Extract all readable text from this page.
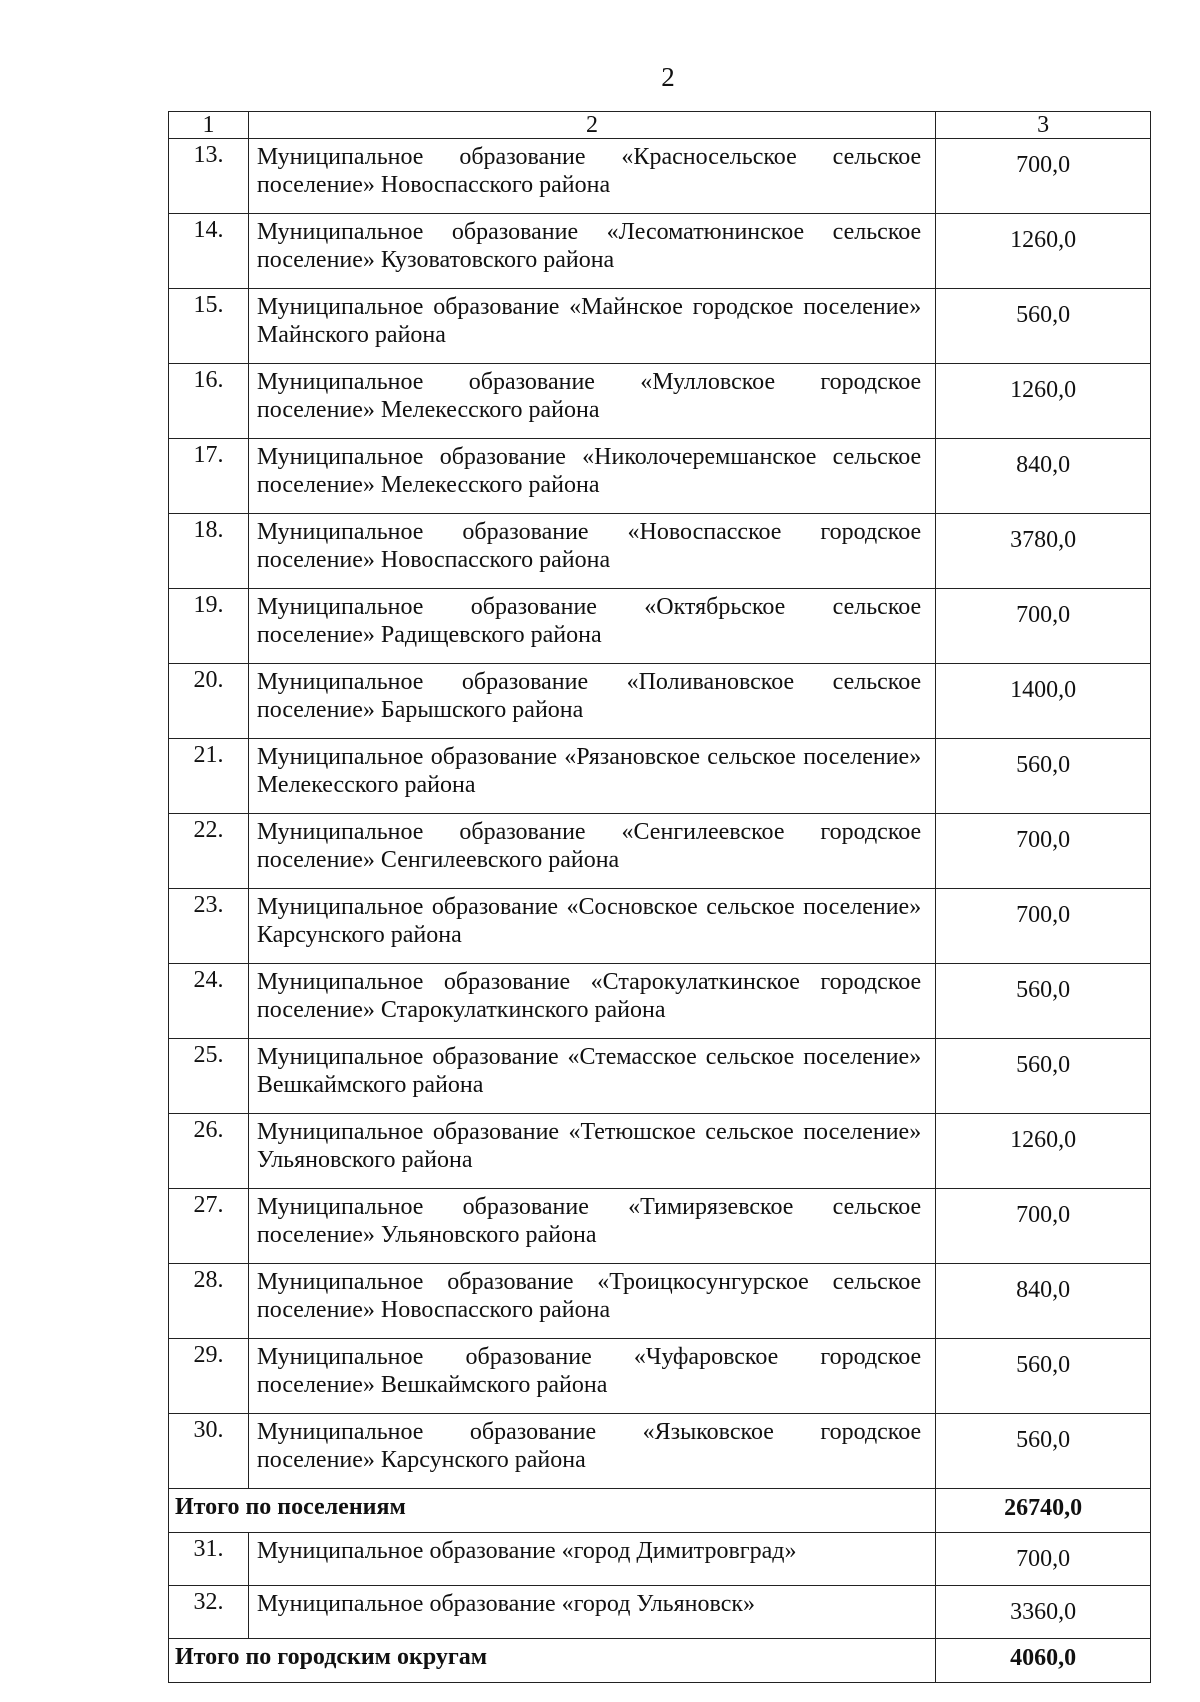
2
1	2	3
13.	Муниципальное образование «Красносельское сельское поселение» Новоспасского района	700,0
14.	Муниципальное образование «Лесоматюнинское сельское поселение» Кузоватовского района	1260,0
15.	Муниципальное образование «Майнское городское поселение» Майнского района	560,0
16.	Муниципальное образование «Мулловское городское поселение» Мелекесского района	1260,0
17.	Муниципальное образование «Николочеремшанское сельское поселение» Мелекесского района	840,0
18.	Муниципальное образование «Новоспасское городское поселение» Новоспасского района	3780,0
19.	Муниципальное образование «Октябрьское сельское поселение» Радищевского района	700,0
20.	Муниципальное образование «Поливановское сельское поселение» Барышского района	1400,0
21.	Муниципальное образование «Рязановское сельское поселение» Мелекесского района	560,0
22.	Муниципальное образование «Сенгилеевское городское поселение» Сенгилеевского района	700,0
23.	Муниципальное образование «Сосновское сельское поселение» Карсунского района	700,0
24.	Муниципальное образование «Старокулаткинское городское поселение» Старокулаткинского района	560,0
25.	Муниципальное образование «Стемасское сельское поселение» Вешкаймского района	560,0
26.	Муниципальное образование «Тетюшское сельское поселение» Ульяновского района	1260,0
27.	Муниципальное образование «Тимирязевское сельское поселение» Ульяновского района	700,0
28.	Муниципальное образование «Троицкосунгурское сельское поселение» Новоспасского района	840,0
29.	Муниципальное образование «Чуфаровское городское поселение» Вешкаймского района	560,0
30.	Муниципальное образование «Языковское городское поселение» Карсунского района	560,0
Итого по поселениям		26740,0
31.	Муниципальное образование «город Димитровград»	700,0
32.	Муниципальное образование «город Ульяновск»	3360,0
Итого по городским округам		4060,0
